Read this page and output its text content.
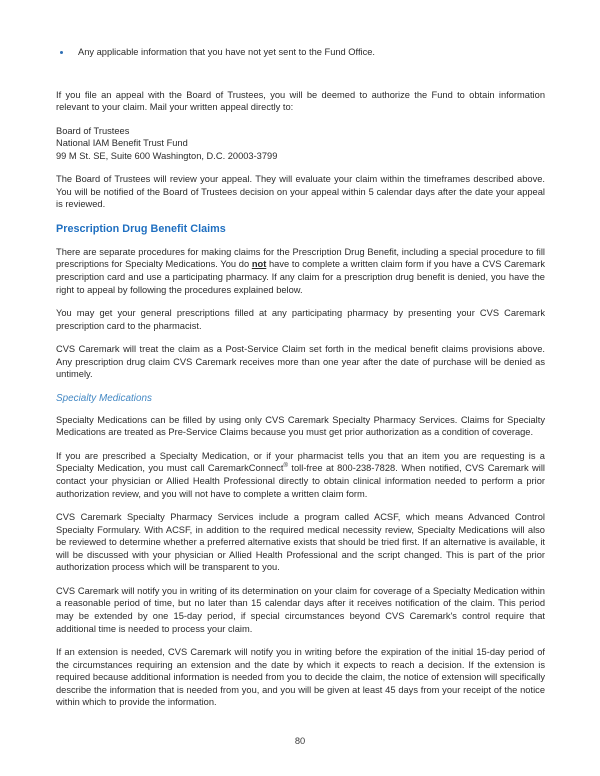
Any applicable information that you have not yet sent to the Fund Office.

If you file an appeal with the Board of Trustees, you will be deemed to authorize the Fund to obtain information relevant to your claim. Mail your written appeal directly to:

Board of Trustees
National IAM Benefit Trust Fund
99 M St. SE, Suite 600 Washington, D.C. 20003-3799

The Board of Trustees will review your appeal. They will evaluate your claim within the timeframes described above. You will be notified of the Board of Trustees decision on your appeal within 5 calendar days after the date your appeal is reviewed.

Prescription Drug Benefit Claims

There are separate procedures for making claims for the Prescription Drug Benefit, including a special procedure to fill prescriptions for Specialty Medications. You do not have to complete a written claim form if you have a CVS Caremark prescription card and use a participating pharmacy. If any claim for a prescription drug benefit is denied, you have the right to appeal by following the procedures explained below.

You may get your general prescriptions filled at any participating pharmacy by presenting your CVS Caremark prescription card to the pharmacist.

CVS Caremark will treat the claim as a Post-Service Claim set forth in the medical benefit claims provisions above. Any prescription drug claim CVS Caremark receives more than one year after the date of purchase will be denied as untimely.

Specialty Medications

Specialty Medications can be filled by using only CVS Caremark Specialty Pharmacy Services. Claims for Specialty Medications are treated as Pre-Service Claims because you must get prior authorization as a condition of coverage.

If you are prescribed a Specialty Medication, or if your pharmacist tells you that an item you are requesting is a Specialty Medication, you must call CaremarkConnect® toll-free at 800-238-7828. When notified, CVS Caremark will contact your physician or Allied Health Professional directly to obtain clinical information needed to perform a prior authorization review, and you will not have to complete a written claim form.

CVS Caremark Specialty Pharmacy Services include a program called ACSF, which means Advanced Control Specialty Formulary. With ACSF, in addition to the required medical necessity review, Specialty Medications will also be reviewed to determine whether a preferred alternative exists that should be tried first. If an alternative is available, it will be discussed with your physician or Allied Health Professional and the script changed. This is part of the prior authorization process which will be transparent to you.

CVS Caremark will notify you in writing of its determination on your claim for coverage of a Specialty Medication within a reasonable period of time, but no later than 15 calendar days after it receives notification of the claim. This period may be extended by one 15-day period, if special circumstances beyond CVS Caremark's control require that additional time is needed to process your claim.

If an extension is needed, CVS Caremark will notify you in writing before the expiration of the initial 15-day period of the circumstances requiring an extension and the date by which it expects to reach a decision. If the extension is required because additional information is needed from you to decide the claim, the notice of extension will specifically describe the information that is needed from you, and you will be given at least 45 days from your receipt of the notice within which to provide the information.

80
